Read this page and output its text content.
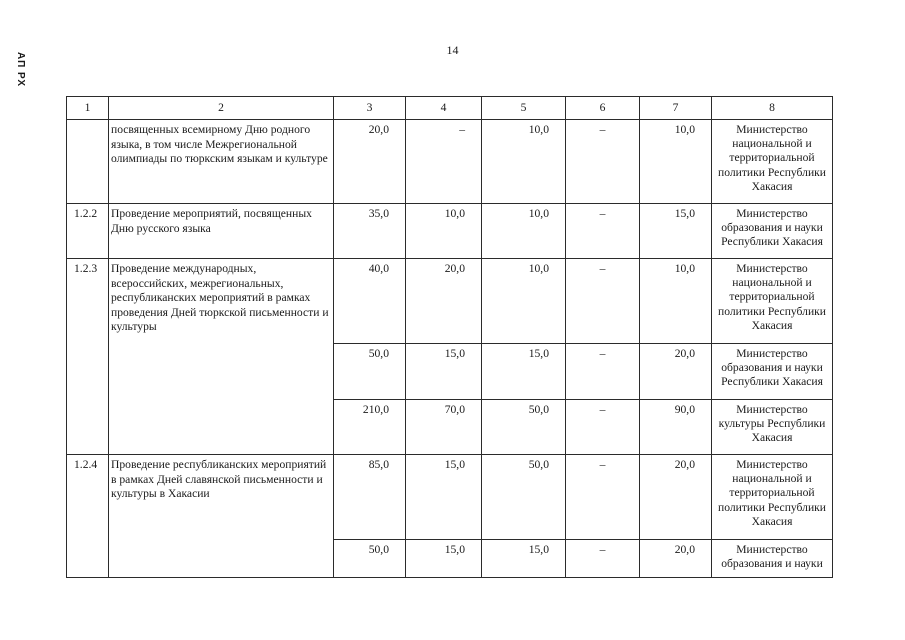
14
АП РХ
1	2	3	4	5	6	7	8
	посвященных всемирному Дню родного языка, в том числе Межрегиональной олимпиады по тюркским языкам и культуре	20,0	–	10,0	–	10,0	Министерство национальной и территориальной политики Республики Хакасия
1.2.2	Проведение мероприятий, посвященных Дню русского языка	35,0	10,0	10,0	–	15,0	Министерство образования и науки Республики Хакасия
1.2.3	Проведение международных, всероссийских, межрегиональных, республиканских мероприятий в рамках проведения Дней тюркской письменности и культуры	40,0	20,0	10,0	–	10,0	Министерство национальной и территориальной политики Республики Хакасия
		50,0	15,0	15,0	–	20,0	Министерство образования и науки Республики Хакасия
		210,0	70,0	50,0	–	90,0	Министерство культуры Республики Хакасия
1.2.4	Проведение республиканских мероприятий в рамках Дней славянской письменности и культуры в Хакасии	85,0	15,0	50,0	–	20,0	Министерство национальной и территориальной политики Республики Хакасия
		50,0	15,0	15,0	–	20,0	Министерство образования и науки
